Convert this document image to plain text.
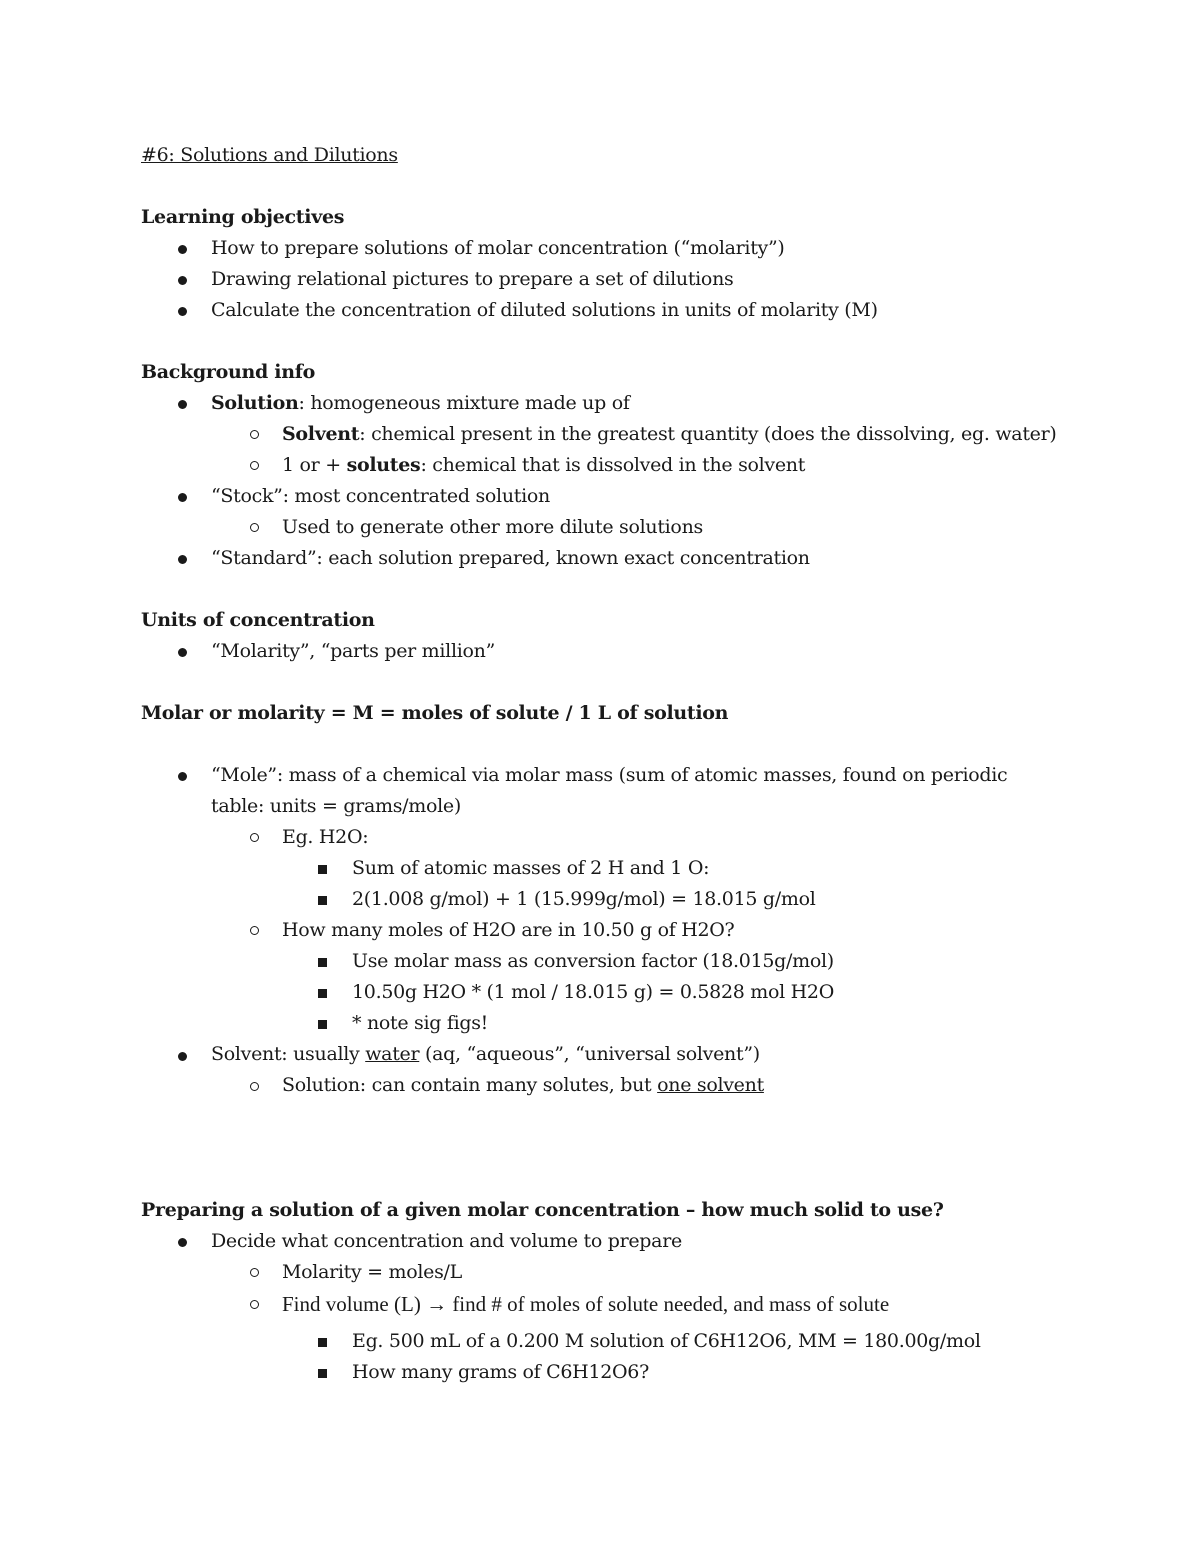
#6: Solutions and Dilutions
Learning objectives
How to prepare solutions of molar concentration (“molarity”)
Drawing relational pictures to prepare a set of dilutions
Calculate the concentration of diluted solutions in units of molarity (M)
Background info
Solution: homogeneous mixture made up of
Solvent: chemical present in the greatest quantity (does the dissolving, eg. water)
1 or + solutes: chemical that is dissolved in the solvent
“Stock”: most concentrated solution
Used to generate other more dilute solutions
“Standard”: each solution prepared, known exact concentration
Units of concentration
“Molarity”, “parts per million”
Molar or molarity = M = moles of solute / 1 L of solution
“Mole”: mass of a chemical via molar mass (sum of atomic masses, found on periodic
table: units = grams/mole)
Eg. H2O:
Sum of atomic masses of 2 H and 1 O:
2(1.008 g/mol) + 1 (15.999g/mol) = 18.015 g/mol
How many moles of H2O are in 10.50 g of H2O?
Use molar mass as conversion factor (18.015g/mol)
10.50g H2O * (1 mol / 18.015 g) = 0.5828 mol H2O
* note sig figs!
Solvent: usually water (aq, “aqueous”, “universal solvent”)
Solution: can contain many solutes, but one solvent
Preparing a solution of a given molar concentration – how much solid to use?
Decide what concentration and volume to prepare
Molarity = moles/L
Find volume (L) → find # of moles of solute needed, and mass of solute
Eg. 500 mL of a 0.200 M solution of C6H12O6, MM = 180.00g/mol
How many grams of C6H12O6?
